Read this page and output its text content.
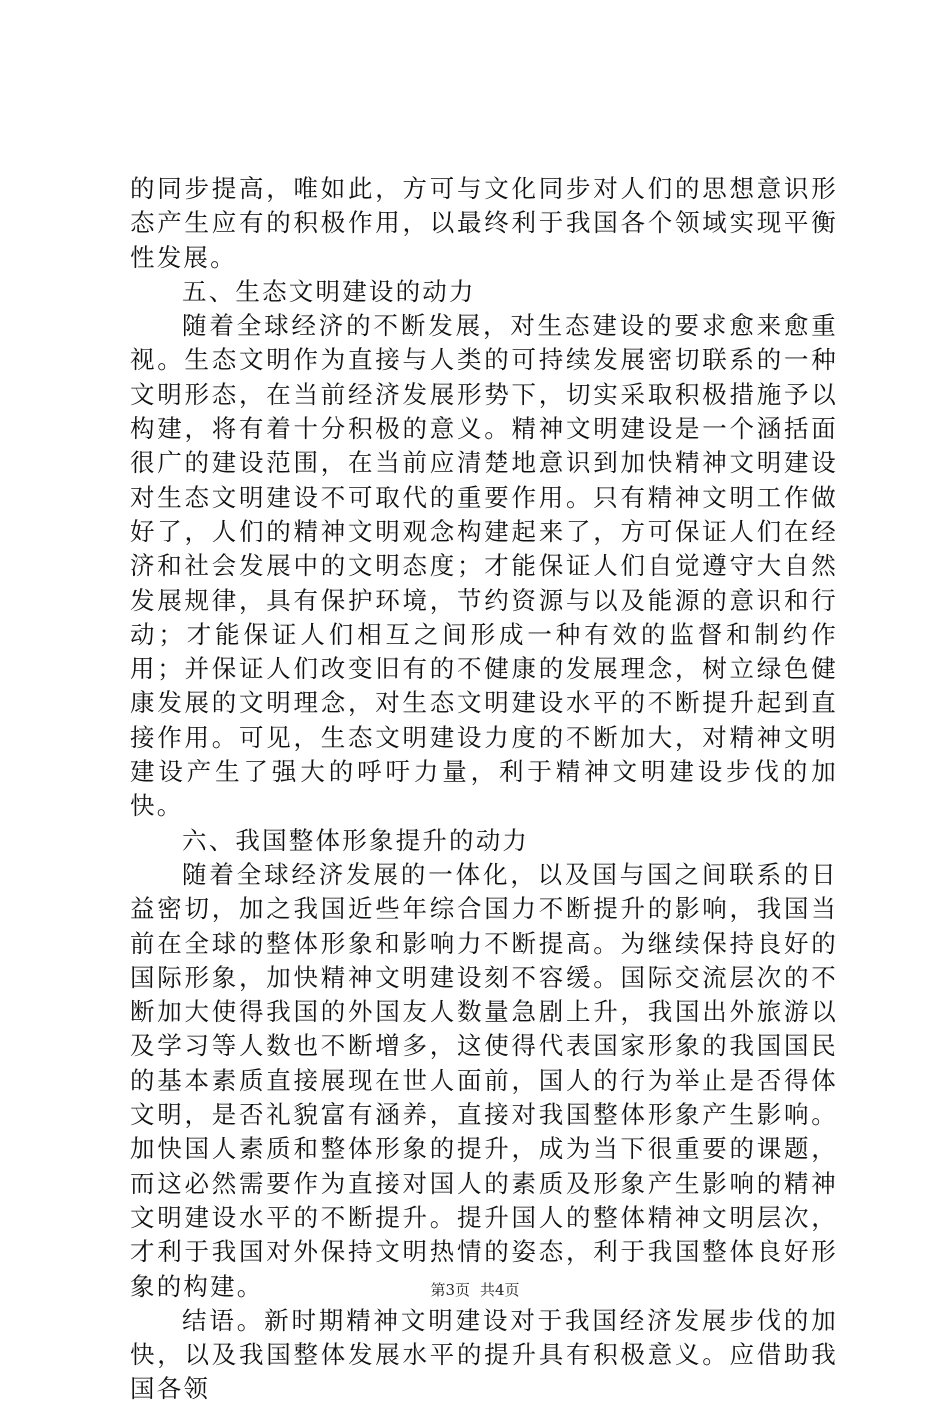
的同步提高，唯如此，方可与文化同步对人们的思想意识形态产生应有的积极作用，以最终利于我国各个领域实现平衡性发展。

五、生态文明建设的动力

随着全球经济的不断发展，对生态建设的要求愈来愈重视。生态文明作为直接与人类的可持续发展密切联系的一种文明形态，在当前经济发展形势下，切实采取积极措施予以构建，将有着十分积极的意义。精神文明建设是一个涵括面很广的建设范围，在当前应清楚地意识到加快精神文明建设对生态文明建设不可取代的重要作用。只有精神文明工作做好了，人们的精神文明观念构建起来了，方可保证人们在经济和社会发展中的文明态度；才能保证人们自觉遵守大自然发展规律，具有保护环境，节约资源与以及能源的意识和行动；才能保证人们相互之间形成一种有效的监督和制约作用；并保证人们改变旧有的不健康的发展理念，树立绿色健康发展的文明理念，对生态文明建设水平的不断提升起到直接作用。可见，生态文明建设力度的不断加大，对精神文明建设产生了强大的呼吁力量，利于精神文明建设步伐的加快。

六、我国整体形象提升的动力

随着全球经济发展的一体化，以及国与国之间联系的日益密切，加之我国近些年综合国力不断提升的影响，我国当前在全球的整体形象和影响力不断提高。为继续保持良好的国际形象，加快精神文明建设刻不容缓。国际交流层次的不断加大使得我国的外国友人数量急剧上升，我国出外旅游以及学习等人数也不断增多，这使得代表国家形象的我国国民的基本素质直接展现在世人面前，国人的行为举止是否得体文明，是否礼貌富有涵养，直接对我国整体形象产生影响。加快国人素质和整体形象的提升，成为当下很重要的课题，而这必然需要作为直接对国人的素质及形象产生影响的精神文明建设水平的不断提升。提升国人的整体精神文明层次，才利于我国对外保持文明热情的姿态，利于我国整体良好形象的构建。

结语。新时期精神文明建设对于我国经济发展步伐的加快，以及我国整体发展水平的提升具有积极意义。应借助我国各领

第3页 共4页
